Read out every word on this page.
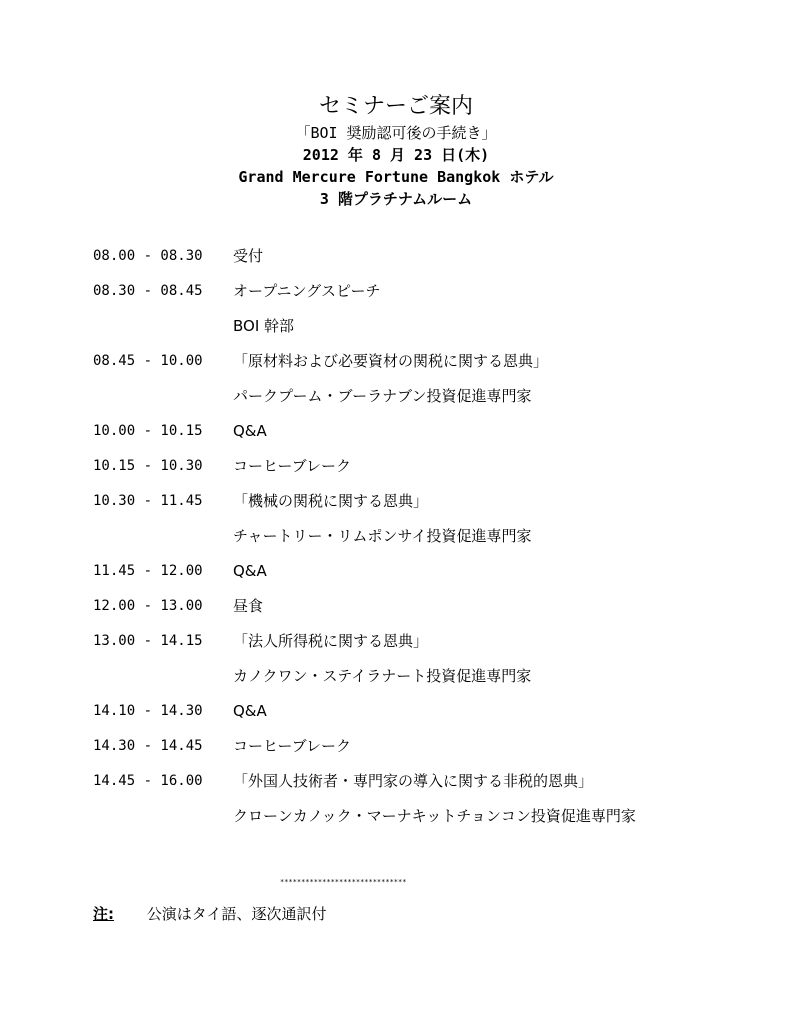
セミナーご案内
「BOI 奨励認可後の手続き」
2012 年 8 月 23 日(木)
Grand Mercure Fortune Bangkok ホテル
3 階プラチナムルーム
08.00 - 08.30	受付
08.30 - 08.45	オープニングスピーチ
BOI 幹部
08.45 - 10.00	「原材料および必要資材の関税に関する恩典」
パークプーム・ブーラナブン投資促進専門家
10.00 - 10.15	Q&A
10.15 - 10.30	コーヒーブレーク
10.30 - 11.45	「機械の関税に関する恩典」
チャートリー・リムポンサイ投資促進専門家
11.45 - 12.00	Q&A
12.00 - 13.00	昼食
13.00 - 14.15	「法人所得税に関する恩典」
カノクワン・ステイラナート投資促進専門家
14.10 - 14.30	Q&A
14.30 - 14.45	コーヒーブレーク
14.45 - 16.00	「外国人技術者・専門家の導入に関する非税的恩典」
クローンカノック・マーナキットチョンコン投資促進専門家
******************************
注: 公演はタイ語、逐次通訳付
